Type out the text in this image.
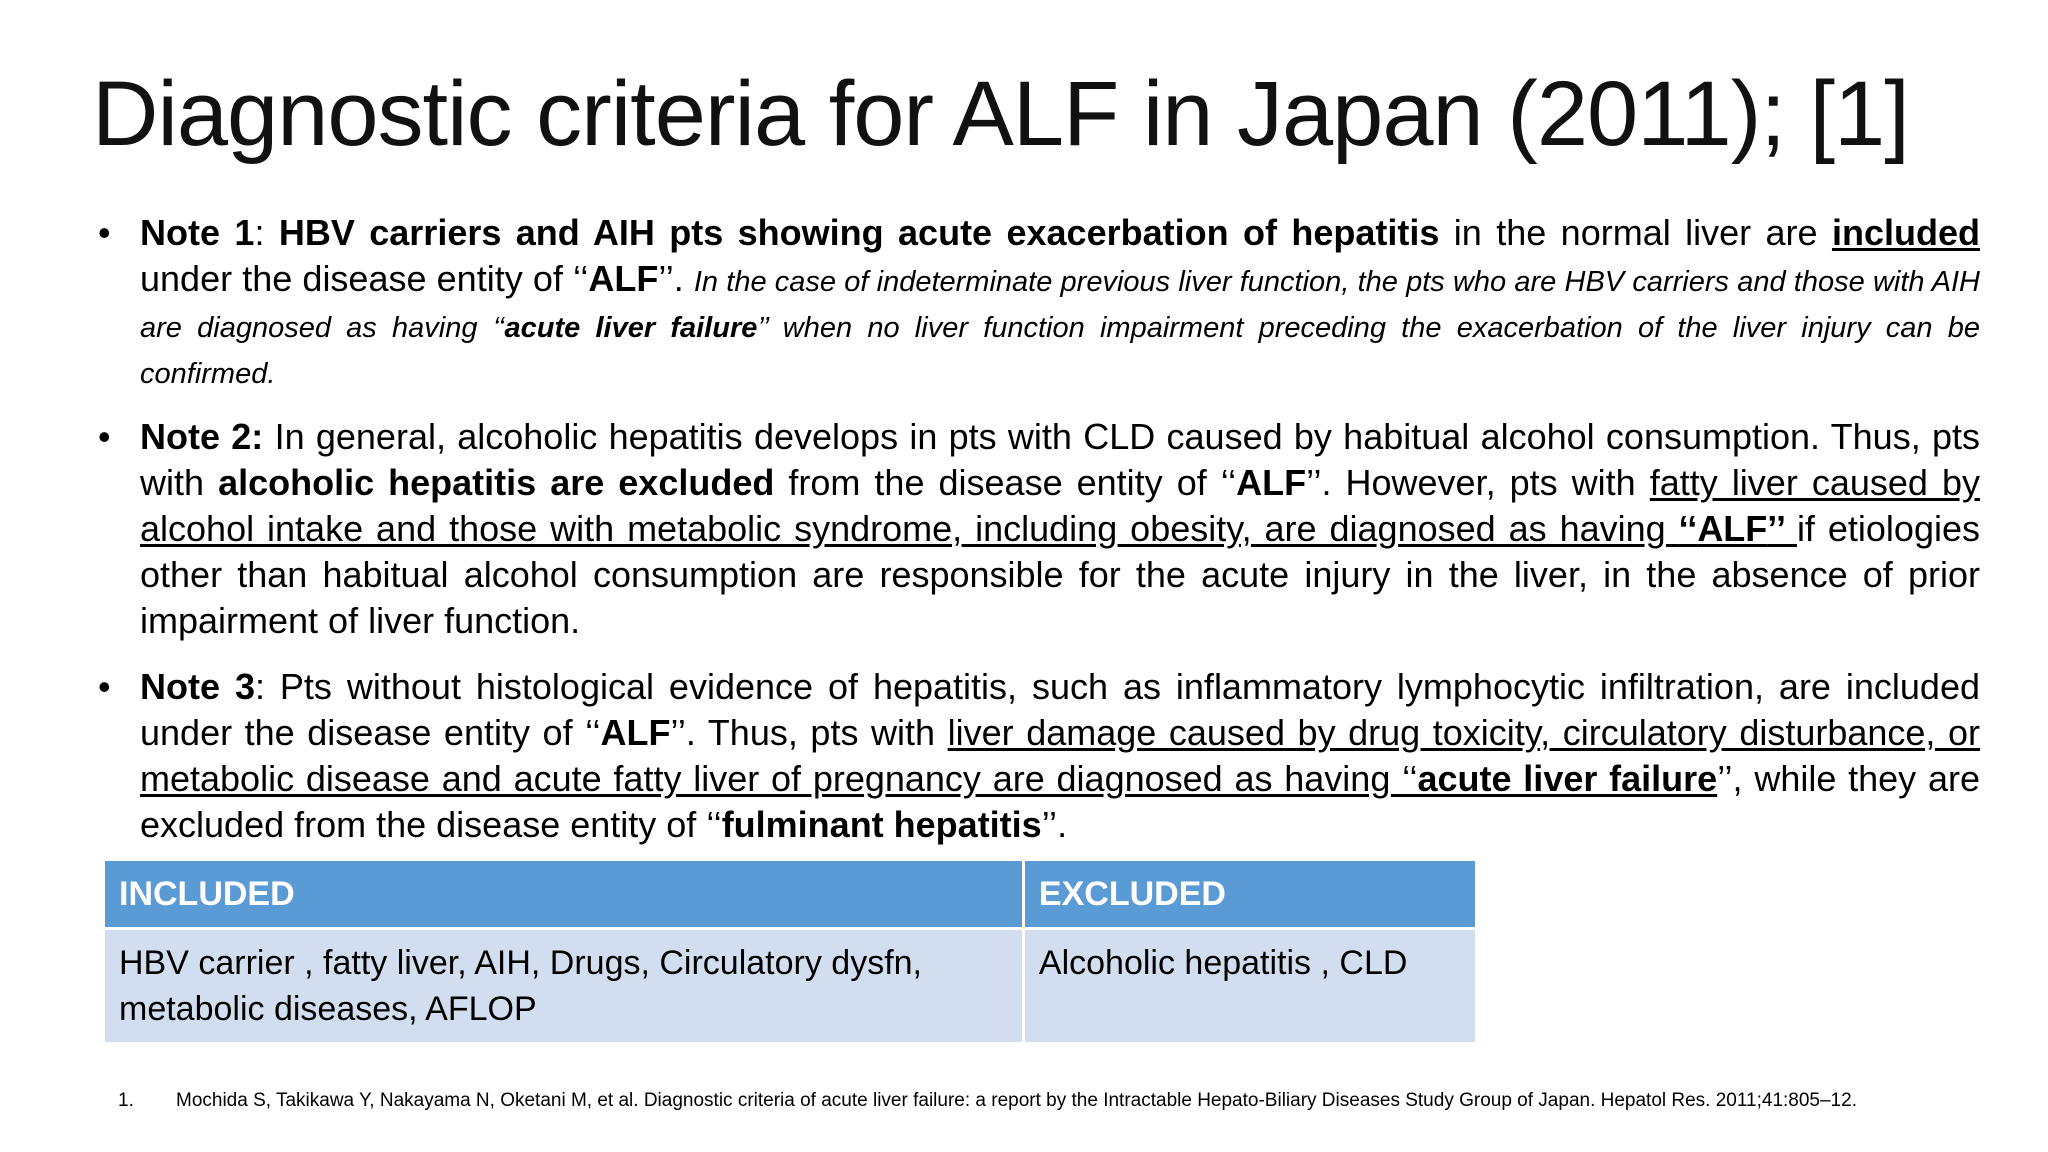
Diagnostic criteria for ALF in Japan (2011); [1]

• Note 1: HBV carriers and AIH pts showing acute exacerbation of hepatitis in the normal liver are included under the disease entity of ‘‘ALF’’. In the case of indeterminate previous liver function, the pts who are HBV carriers and those with AIH are diagnosed as having ‘‘acute liver failure’’ when no liver function impairment preceding the exacerbation of the liver injury can be confirmed.

• Note 2: In general, alcoholic hepatitis develops in pts with CLD caused by habitual alcohol consumption. Thus, pts with alcoholic hepatitis are excluded from the disease entity of ‘‘ALF’’. However, pts with fatty liver caused by alcohol intake and those with metabolic syndrome, including obesity, are diagnosed as having ‘‘ALF’’ if etiologies other than habitual alcohol consumption are responsible for the acute injury in the liver, in the absence of prior impairment of liver function.

• Note 3: Pts without histological evidence of hepatitis, such as inflammatory lymphocytic infiltration, are included under the disease entity of ‘‘ALF’’. Thus, pts with liver damage caused by drug toxicity, circulatory disturbance, or metabolic disease and acute fatty liver of pregnancy are diagnosed as having ‘‘acute liver failure’’, while they are excluded from the disease entity of ‘‘fulminant hepatitis’’.

INCLUDED	EXCLUDED
HBV carrier , fatty liver, AIH, Drugs, Circulatory dysfn, metabolic diseases, AFLOP	Alcoholic hepatitis , CLD
1. Mochida S, Takikawa Y, Nakayama N, Oketani M, et al. Diagnostic criteria of acute liver failure: a report by the Intractable Hepato-Biliary Diseases Study Group of Japan. Hepatol Res. 2011;41:805–12.
